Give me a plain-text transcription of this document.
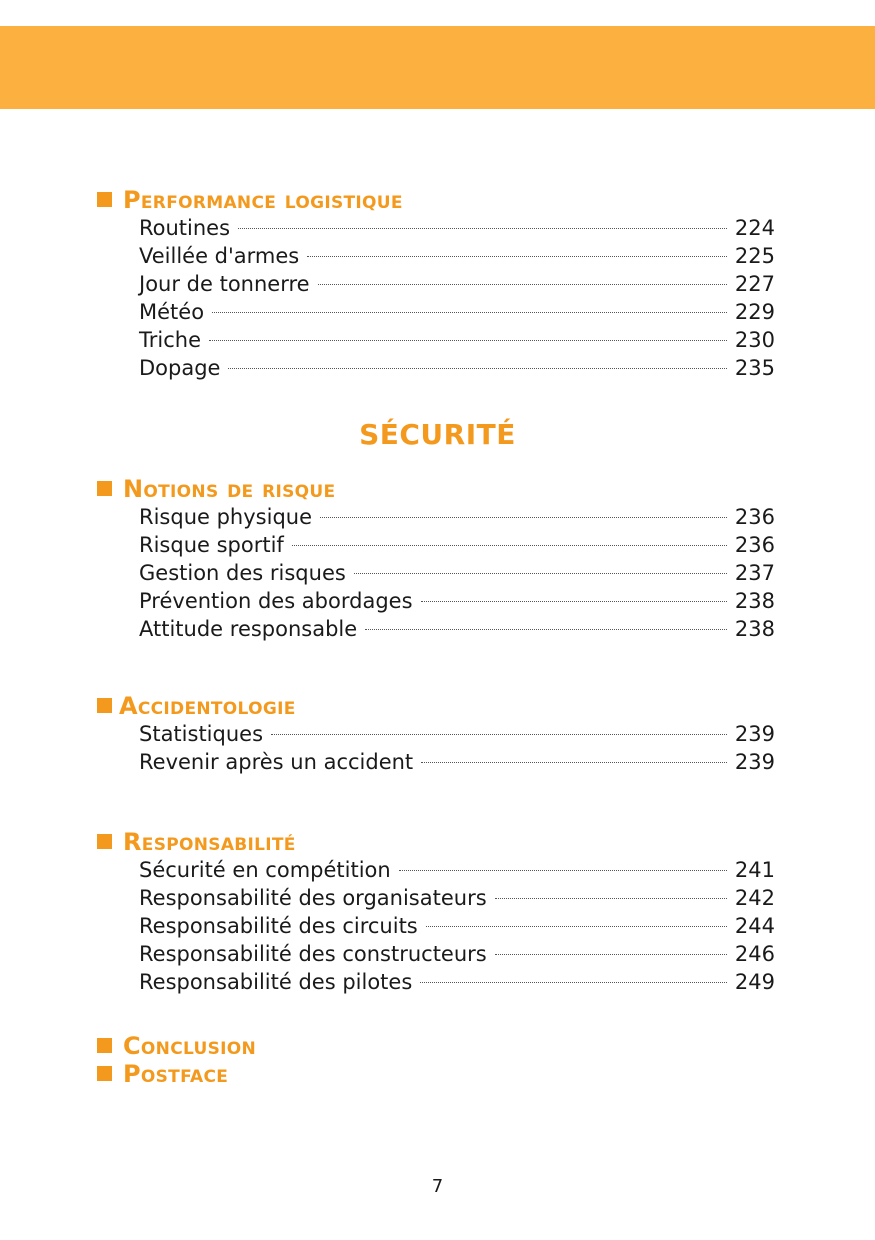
Performance logistique
Routines	224
Veillée d'armes	225
Jour de tonnerre	227
Météo	229
Triche	230
Dopage	235
SÉCURITÉ
Notions de risque
Risque physique	236
Risque sportif	236
Gestion des risques	237
Prévention des abordages	238
Attitude responsable	238
Accidentologie
Statistiques	239
Revenir après un accident	239
Responsabilité
Sécurité en compétition	241
Responsabilité des organisateurs	242
Responsabilité des circuits	244
Responsabilité des constructeurs	246
Responsabilité des pilotes	249
Conclusion
Postface
7
